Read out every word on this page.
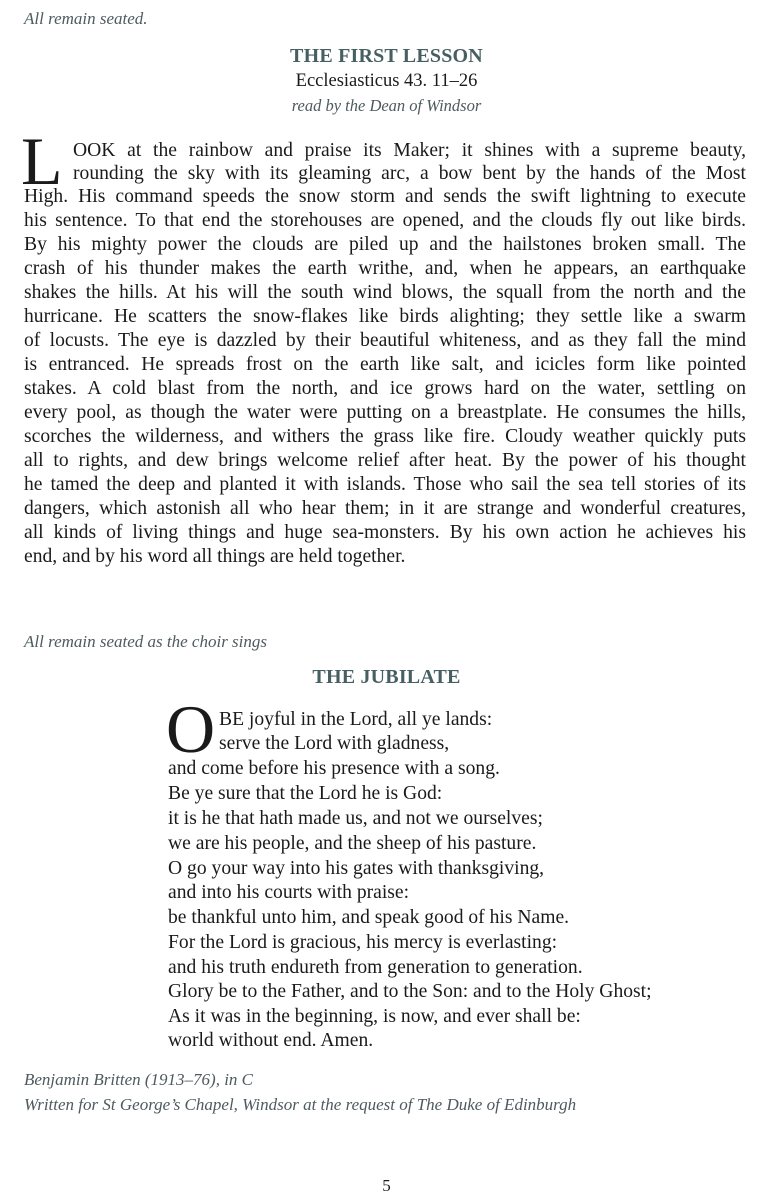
All remain seated.
THE FIRST LESSON
Ecclesiasticus 43. 11–26
read by the Dean of Windsor
L OOK at the rainbow and praise its Maker; it shines with a supreme beauty,
rounding the sky with its gleaming arc, a bow bent by the hands of the Most
High. His command speeds the snow storm and sends the swift lightning to execute
his sentence. To that end the storehouses are opened, and the clouds fly out like birds.
By his mighty power the clouds are piled up and the hailstones broken small. The
crash of his thunder makes the earth writhe, and, when he appears, an earthquake
shakes the hills. At his will the south wind blows, the squall from the north and the
hurricane. He scatters the snow-flakes like birds alighting; they settle like a swarm
of locusts. The eye is dazzled by their beautiful whiteness, and as they fall the mind
is entranced. He spreads frost on the earth like salt, and icicles form like pointed
stakes. A cold blast from the north, and ice grows hard on the water, settling on
every pool, as though the water were putting on a breastplate. He consumes the hills,
scorches the wilderness, and withers the grass like fire. Cloudy weather quickly puts
all to rights, and dew brings welcome relief after heat. By the power of his thought
he tamed the deep and planted it with islands. Those who sail the sea tell stories of its
dangers, which astonish all who hear them; in it are strange and wonderful creatures,
all kinds of living things and huge sea-monsters. By his own action he achieves his
end, and by his word all things are held together.
All remain seated as the choir sings
THE JUBILATE
O BE joyful in the Lord, all ye lands:
serve the Lord with gladness,
and come before his presence with a song.
Be ye sure that the Lord he is God:
it is he that hath made us, and not we ourselves;
we are his people, and the sheep of his pasture.
O go your way into his gates with thanksgiving,
and into his courts with praise:
be thankful unto him, and speak good of his Name.
For the Lord is gracious, his mercy is everlasting:
and his truth endureth from generation to generation.
Glory be to the Father, and to the Son: and to the Holy Ghost;
As it was in the beginning, is now, and ever shall be:
world without end. Amen.
Benjamin Britten (1913–76), in C
Written for St George’s Chapel, Windsor at the request of The Duke of Edinburgh
5
